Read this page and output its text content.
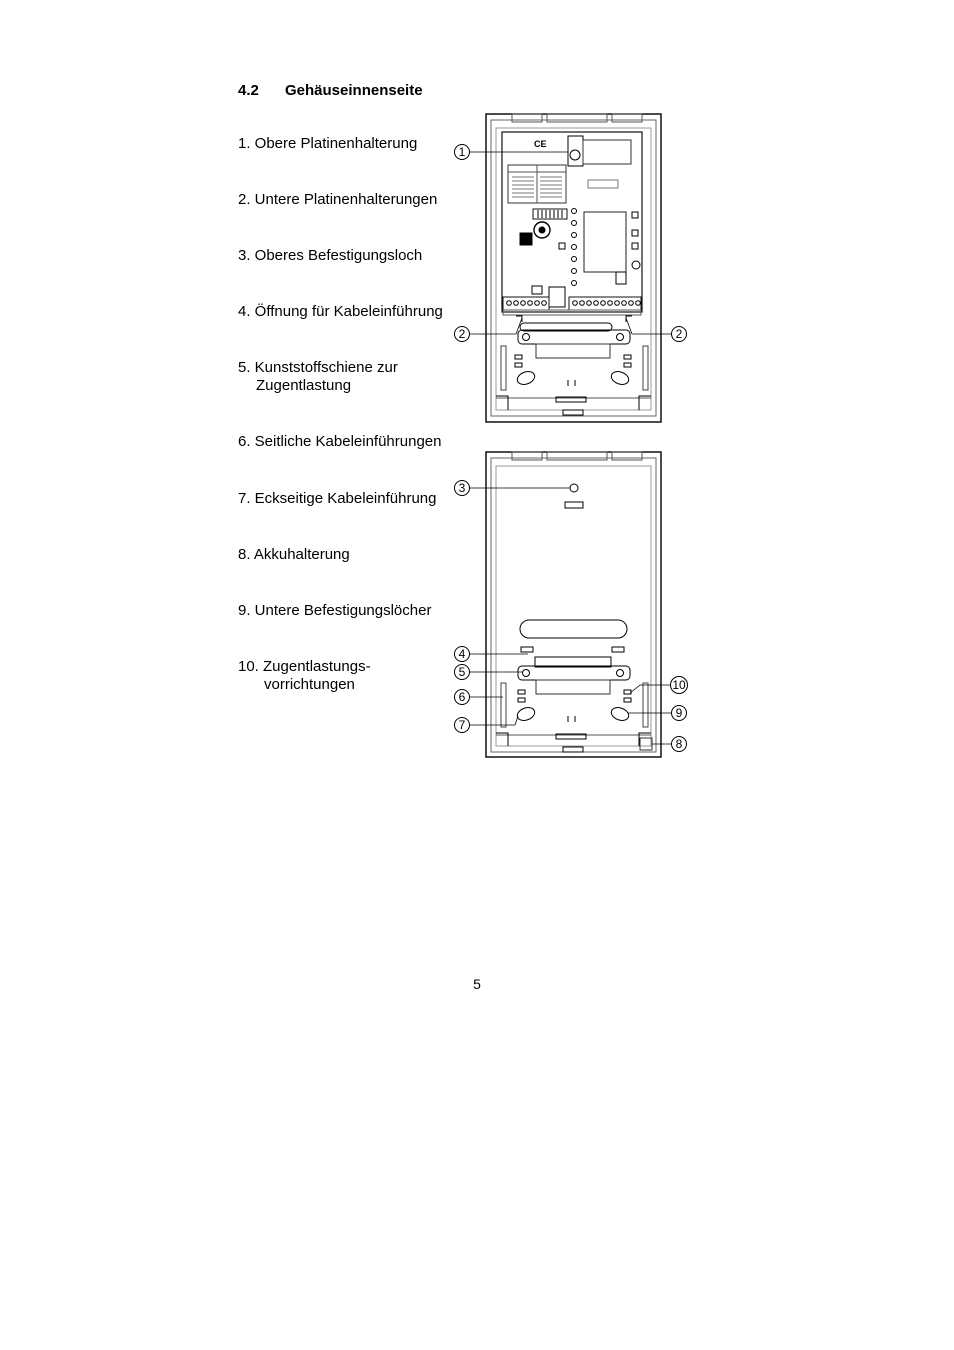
4.2 Gehäuseinnenseite
1. Obere Platinenhalterung
2. Untere Platinenhalterungen
3. Oberes Befestigungsloch
4. Öffnung für Kabeleinführung
5. Kunststoffschiene zur
Zugentlastung
6. Seitliche Kabeleinführungen
7. Eckseitige Kabeleinführung
8. Akkuhalterung
9. Untere Befestigungslöcher
10. Zugentlastungs-
vorrichtungen
CE
1
2	2
3
4
5
6
7
8
9
10
5
